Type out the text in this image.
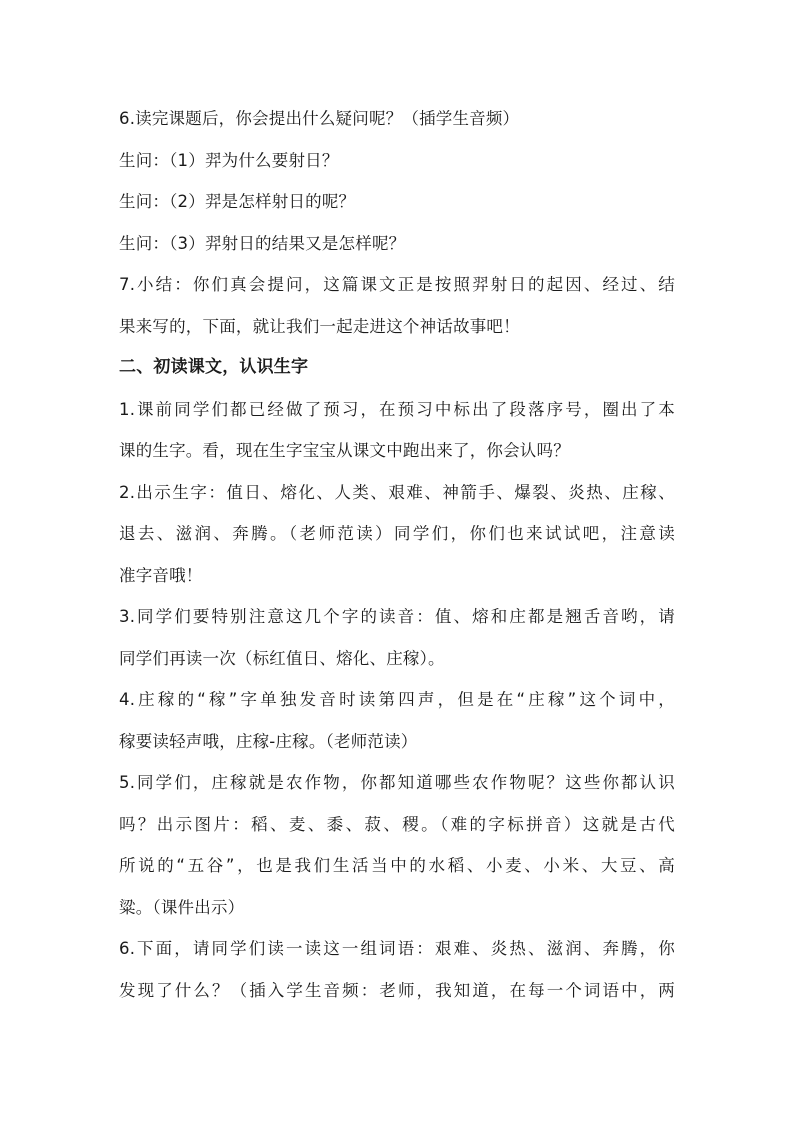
6.读完课题后，你会提出什么疑问呢？（插学生音频）
生问：（1）羿为什么要射日？
生问：（2）羿是怎样射日的呢？
生问：（3）羿射日的结果又是怎样呢？
7.小结：你们真会提问，这篇课文正是按照羿射日的起因、经过、结
果来写的，下面，就让我们一起走进这个神话故事吧！
二、初读课文，认识生字
1.课前同学们都已经做了预习，在预习中标出了段落序号，圈出了本
课的生字。看，现在生字宝宝从课文中跑出来了，你会认吗？
2.出示生字：值日、熔化、人类、艰难、神箭手、爆裂、炎热、庄稼、
退去、滋润、奔腾。（老师范读）同学们，你们也来试试吧，注意读
准字音哦！
3.同学们要特别注意这几个字的读音：值、熔和庄都是翘舌音哟，请
同学们再读一次（标红值日、熔化、庄稼）。
4.庄稼的“稼”字单独发音时读第四声，但是在“庄稼”这个词中，
稼要读轻声哦，庄稼-庄稼。（老师范读）
5.同学们，庄稼就是农作物，你都知道哪些农作物呢？这些你都认识
吗？出示图片：稻、麦、黍、菽、稷。（难的字标拼音）这就是古代
所说的“五谷”，也是我们生活当中的水稻、小麦、小米、大豆、高
粱。（课件出示）
6.下面，请同学们读一读这一组词语：艰难、炎热、滋润、奔腾，你
发现了什么？（插入学生音频：老师，我知道，在每一个词语中，两
